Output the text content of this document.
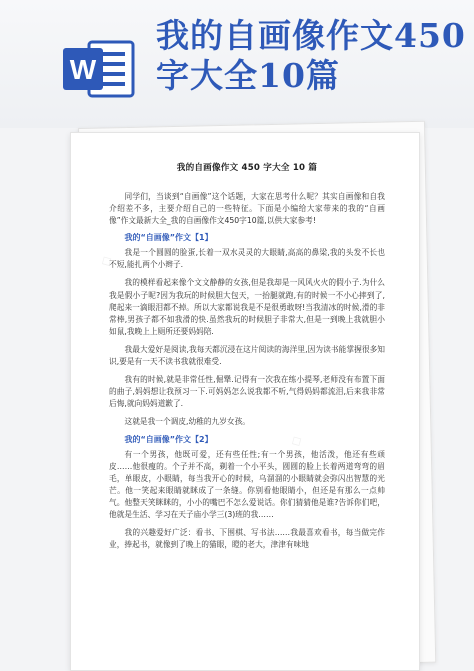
W
我的自画像作文450字大全10篇
◇
◇
我的自画像作文 450 字大全 10 篇

同学们，当谈到“自画像”这个话题，大家在思考什么呢？其实自画像和自我介绍差不多，主要介绍自己的一些特征。下面是小编给大家带来的我的“自画像”作文最新大全_我的自画像作文450字10篇,以供大家参考!

我的“自画像”作文【1】

我是一个圆圆的脸蛋,长着一双水灵灵的大眼睛,高高的鼻梁,我的头发不长也不短,能扎两个小辫子.

我的模样看起来像个文文静静的女孩,但是我却是一风风火火的假小子.为什么我是假小子呢?因为我玩的时候胆大包天，一抬腿就跑,有的时候一不小心摔到了,爬起来一滴眼泪都不掉。所以大家都说我是不是很勇敢呀!当我清冰的时候,滑的非常棒,男孩子都不如我滑的快.虽然我玩的时候胆子非常大,但是一到晚上我就胆小如鼠,我晚上上厕所还要妈妈陪.

我最大爱好是阅读,我每天都沉浸在这片阅读的海洋里,因为读书能掌握很多知识,要是有一天不读书我就很难受.

我有的时候,就是非常任性,倔犟.记得有一次我在练小提琴,老师没有布置下面的曲子,妈妈想让我预习一下.可妈妈怎么说我都不听,气得妈妈都流泪,后来我非常后悔,就向妈妈道歉了.

这就是我一个调皮,幼稚的九岁女孩。

我的“自画像”作文【2】

有一个男孩，他既可爱，还有些任性;有一个男孩，他活泼，他还有些顽皮……他很瘦的。个子并不高，剃着一个小平头，圆圆的脸上长着两道弯弯的眉毛，单眼皮，小眼睛，每当我开心的时候，乌溜溜的小眼睛就会弥闪出智慧的光芒。他一笑起来眼睛就眯成了一条缝。你别看他眼睛小，但还是有那么一点帅气。他整天笑眯眯的，小小的嘴巴不怎么爱说话。你们猜猜他是谁?告诉你们吧，他就是生活、学习在天子庙小学三(3)班的我……

我的兴趣爱好广泛：看书、下围棋、写书法……我最喜欢看书，每当做完作业，捧起书，就像到了晚上的猫眼，瞪的老大，津津有味地
